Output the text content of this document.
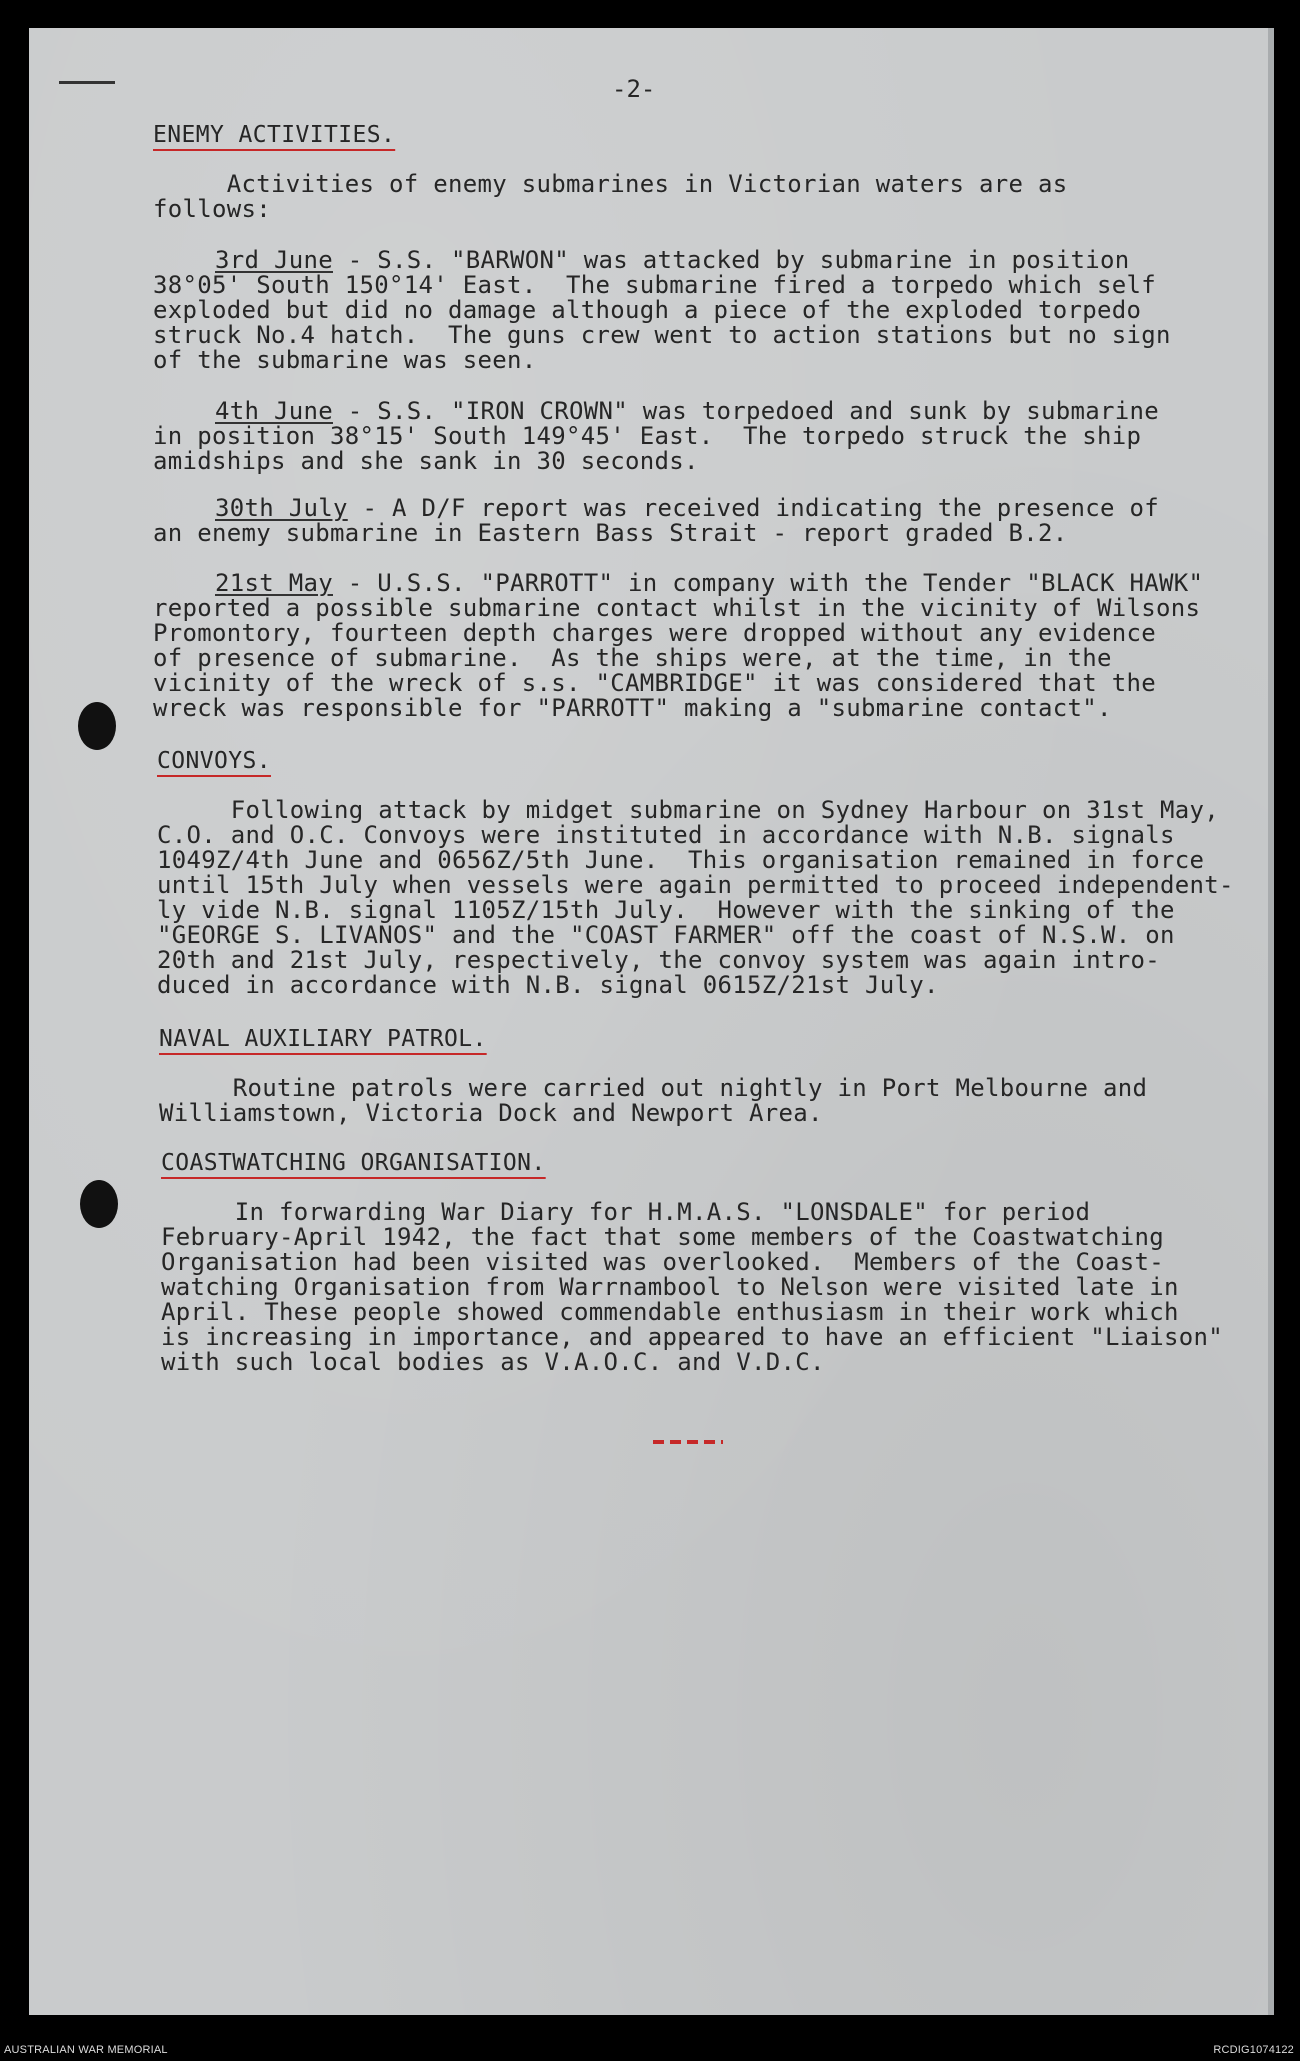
-2-
ENEMY ACTIVITIES.
Activities of enemy submarines in Victorian waters are as
follows:
3rd June - S.S. "BARWON" was attacked by submarine in position
38°05' South 150°14' East.  The submarine fired a torpedo which self
exploded but did no damage although a piece of the exploded torpedo
struck No.4 hatch.  The guns crew went to action stations but no sign
of the submarine was seen.
4th June - S.S. "IRON CROWN" was torpedoed and sunk by submarine
in position 38°15' South 149°45' East.  The torpedo struck the ship
amidships and she sank in 30 seconds.
30th July - A D/F report was received indicating the presence of
an enemy submarine in Eastern Bass Strait - report graded B.2.
21st May - U.S.S. "PARROTT" in company with the Tender "BLACK HAWK"
reported a possible submarine contact whilst in the vicinity of Wilsons
Promontory, fourteen depth charges were dropped without any evidence
of presence of submarine.  As the ships were, at the time, in the
vicinity of the wreck of s.s. "CAMBRIDGE" it was considered that the
wreck was responsible for "PARROTT" making a "submarine contact".
CONVOYS.
Following attack by midget submarine on Sydney Harbour on 31st May,
C.O. and O.C. Convoys were instituted in accordance with N.B. signals
1049Z/4th June and 0656Z/5th June.  This organisation remained in force
until 15th July when vessels were again permitted to proceed independent-
ly vide N.B. signal 1105Z/15th July.  However with the sinking of the
"GEORGE S. LIVANOS" and the "COAST FARMER" off the coast of N.S.W. on
20th and 21st July, respectively, the convoy system was again intro-
duced in accordance with N.B. signal 0615Z/21st July.
NAVAL AUXILIARY PATROL.
Routine patrols were carried out nightly in Port Melbourne and
Williamstown, Victoria Dock and Newport Area.
COASTWATCHING ORGANISATION.
In forwarding War Diary for H.M.A.S. "LONSDALE" for period
February-April 1942, the fact that some members of the Coastwatching
Organisation had been visited was overlooked.  Members of the Coast-
watching Organisation from Warrnambool to Nelson were visited late in
April. These people showed commendable enthusiasm in their work which
is increasing in importance, and appeared to have an efficient "Liaison"
with such local bodies as V.A.O.C. and V.D.C.
AUSTRALIAN WAR MEMORIAL	RCDIG1074122
